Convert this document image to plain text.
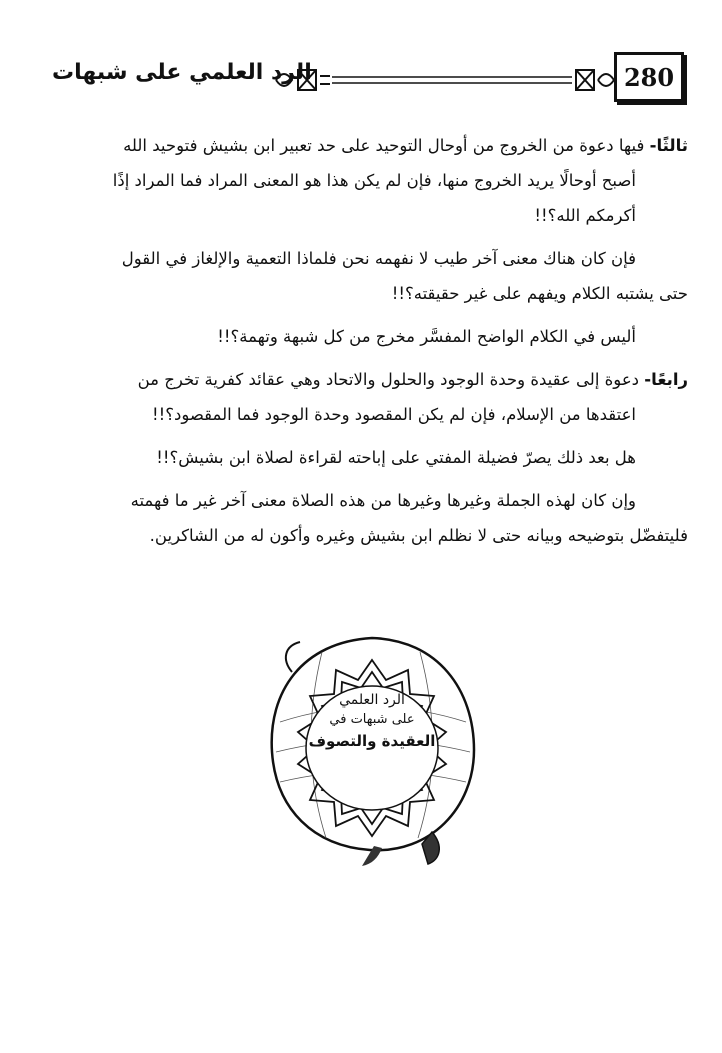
280
الرد العلمي على شبهات

ثالثًا- فيها دعوة من الخروج من أوحال التوحيد على حد تعبير ابن بشيش فتوحيد الله

أصبح أوحالًا يريد الخروج منها، فإن لم يكن هذا هو المعنى المراد فما المراد إذًا

أكرمكم الله؟!!

فإن كان هناك معنى آخر طيب لا نفهمه نحن فلماذا التعمية والإلغاز في القول

حتى يشتبه الكلام ويفهم على غير حقيقته؟!!

أليس في الكلام الواضح المفسَّر مخرج من كل شبهة وتهمة؟!!

رابعًا- دعوة إلى عقيدة وحدة الوجود والحلول والاتحاد وهي عقائد كفرية تخرج من

اعتقدها من الإسلام، فإن لم يكن المقصود وحدة الوجود فما المقصود؟!!

هل بعد ذلك يصرّ فضيلة المفتي على إباحته لقراءة لصلاة ابن بشيش؟!!

وإن كان لهذه الجملة وغيرها وغيرها من هذه الصلاة معنى آخر غير ما فهمته

فليتفضّل بتوضيحه وبيانه حتى لا نظلم ابن بشيش وغيره وأكون له من الشاكرين.

الرد العلمي
على شبهات في
العقيدة والتصوف
